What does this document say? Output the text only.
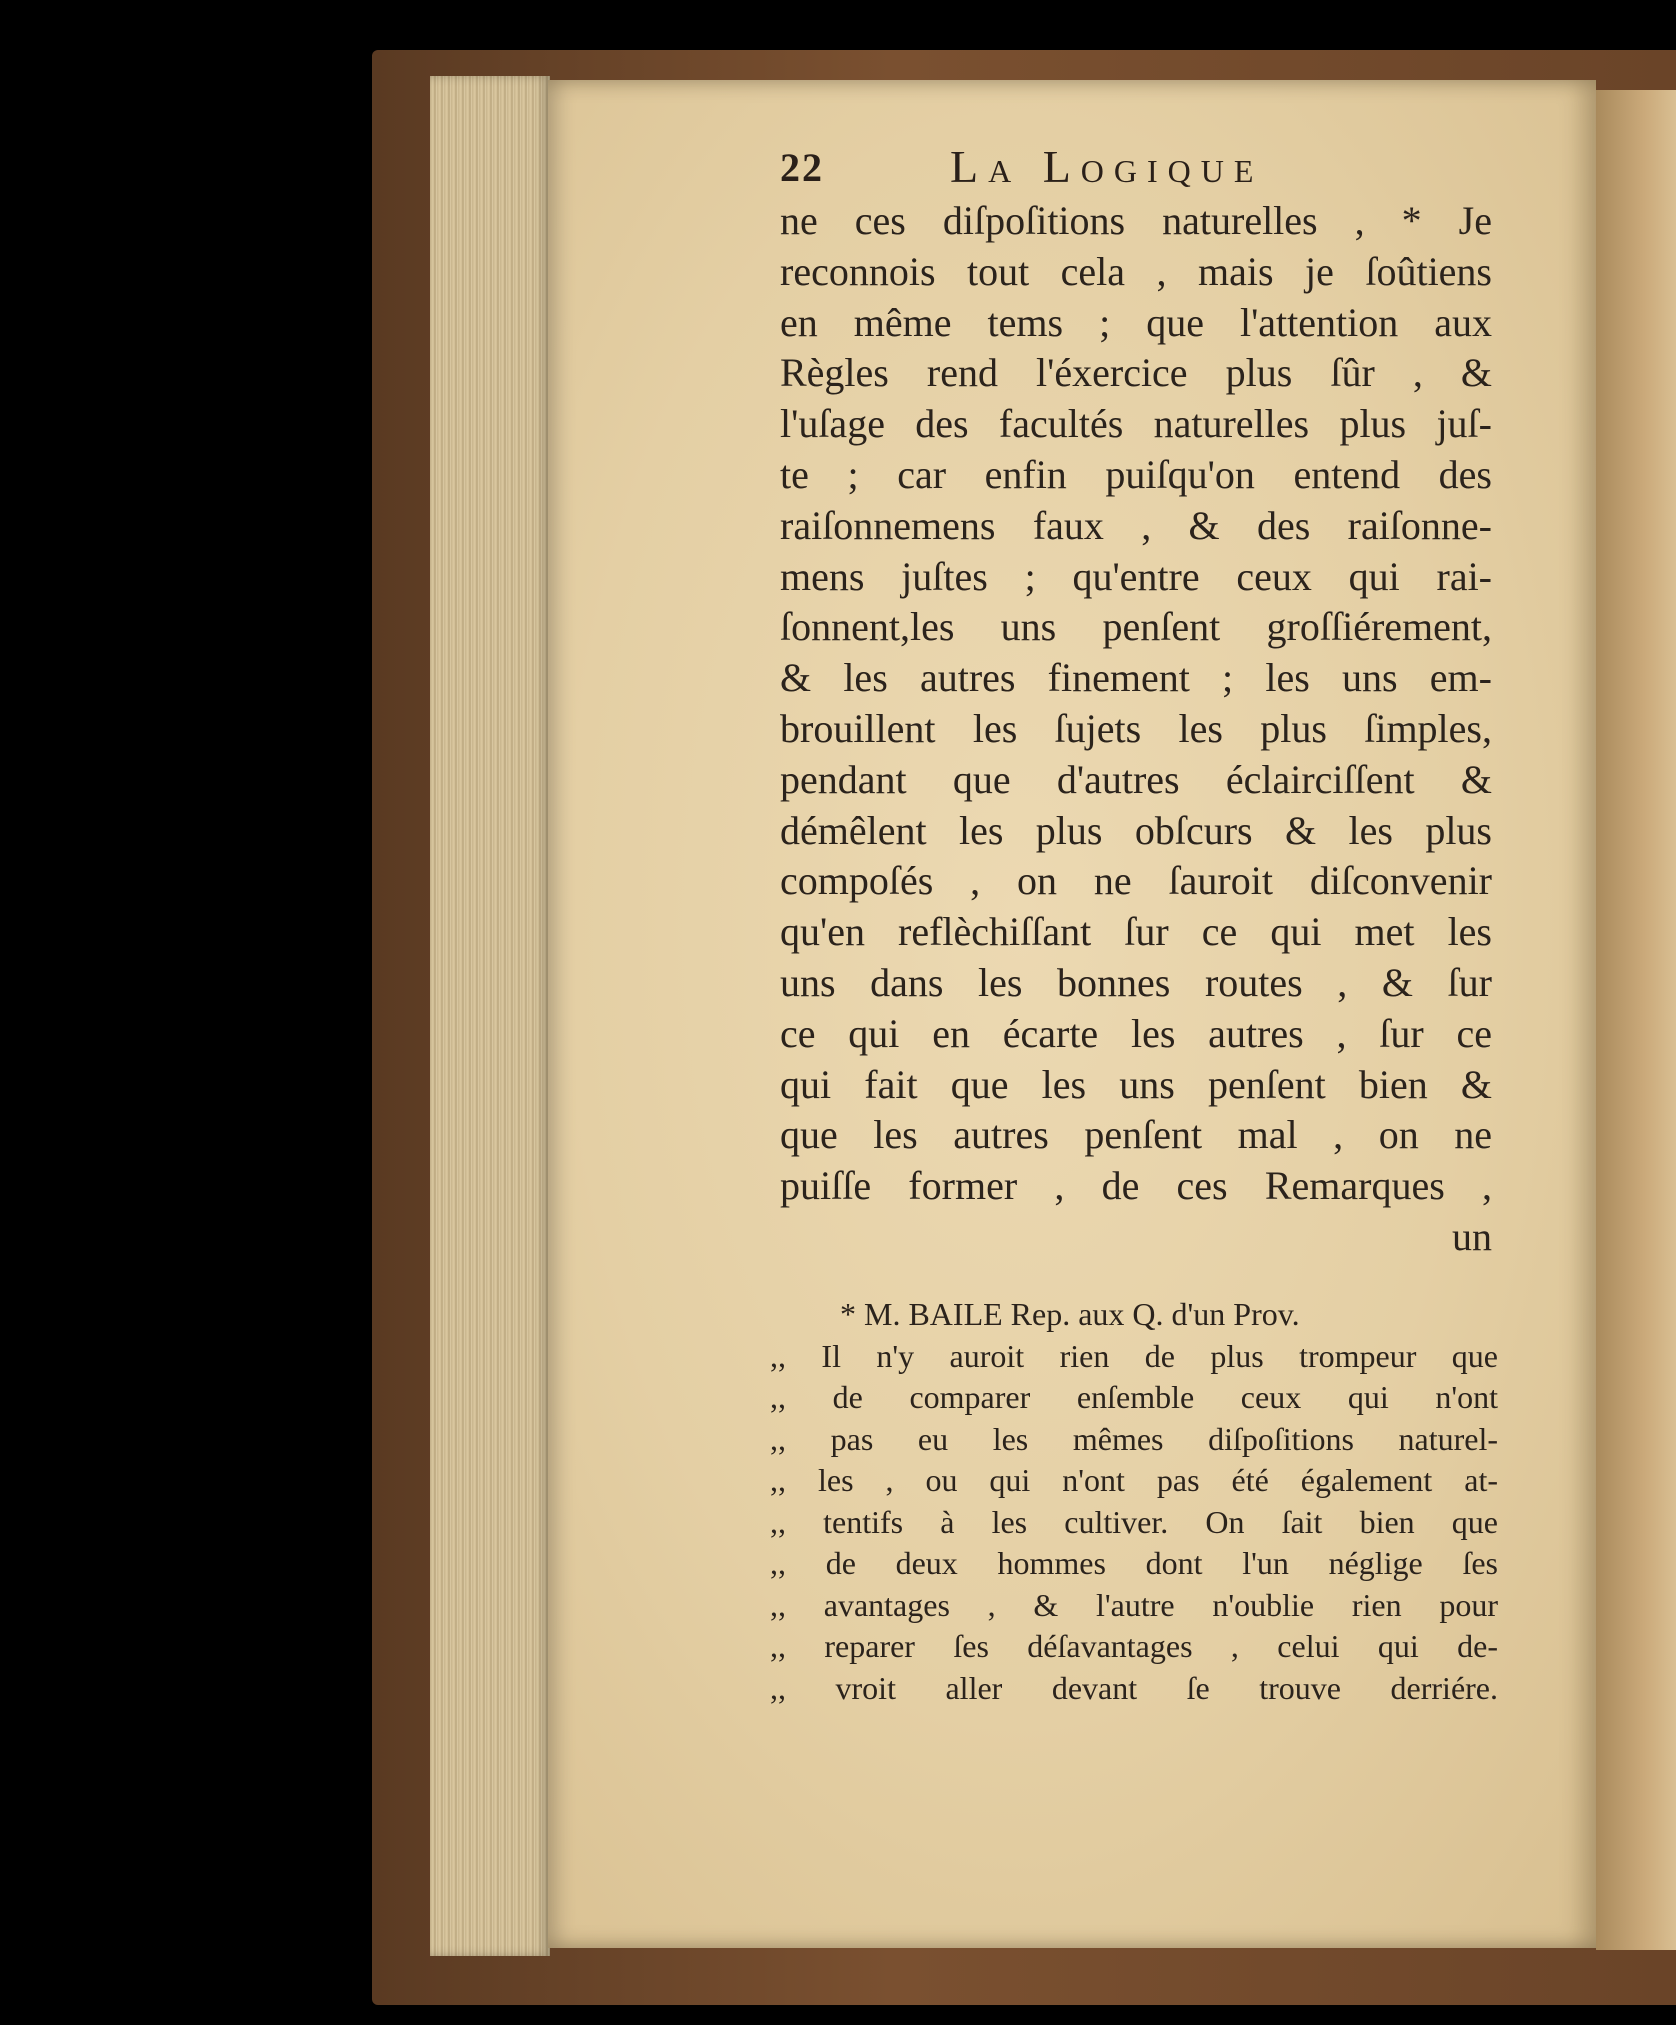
22	La Logique
ne ces diſpoſitions naturelles , * Je
reconnois tout cela , mais je ſoûtiens
en même tems ; que l'attention aux
Règles rend l'éxercice plus ſûr , &
l'uſage des facultés naturelles plus juſ-
te ; car enfin puiſqu'on entend des
raiſonnemens faux , & des raiſonne-
mens juſtes ; qu'entre ceux qui rai-
ſonnent,les uns penſent groſſiérement,
& les autres finement ; les uns em-
brouillent les ſujets les plus ſimples,
pendant que d'autres éclairciſſent &
démêlent les plus obſcurs & les plus
compoſés , on ne ſauroit diſconvenir
qu'en reflèchiſſant ſur ce qui met les
uns dans les bonnes routes , & ſur
ce qui en écarte les autres , ſur ce
qui fait que les uns penſent bien &
que les autres penſent mal , on ne
puiſſe former , de ces Remarques ,
un
* M. BAILE Rep. aux Q. d'un Prov.
,, Il n'y auroit rien de plus trompeur que
,, de comparer enſemble ceux qui n'ont
,, pas eu les mêmes diſpoſitions naturel-
,, les , ou qui n'ont pas été également at-
,, tentifs à les cultiver. On ſait bien que
,, de deux hommes dont l'un néglige ſes
,, avantages , & l'autre n'oublie rien pour
,, reparer ſes déſavantages , celui qui de-
,, vroit aller devant ſe trouve derriére.
